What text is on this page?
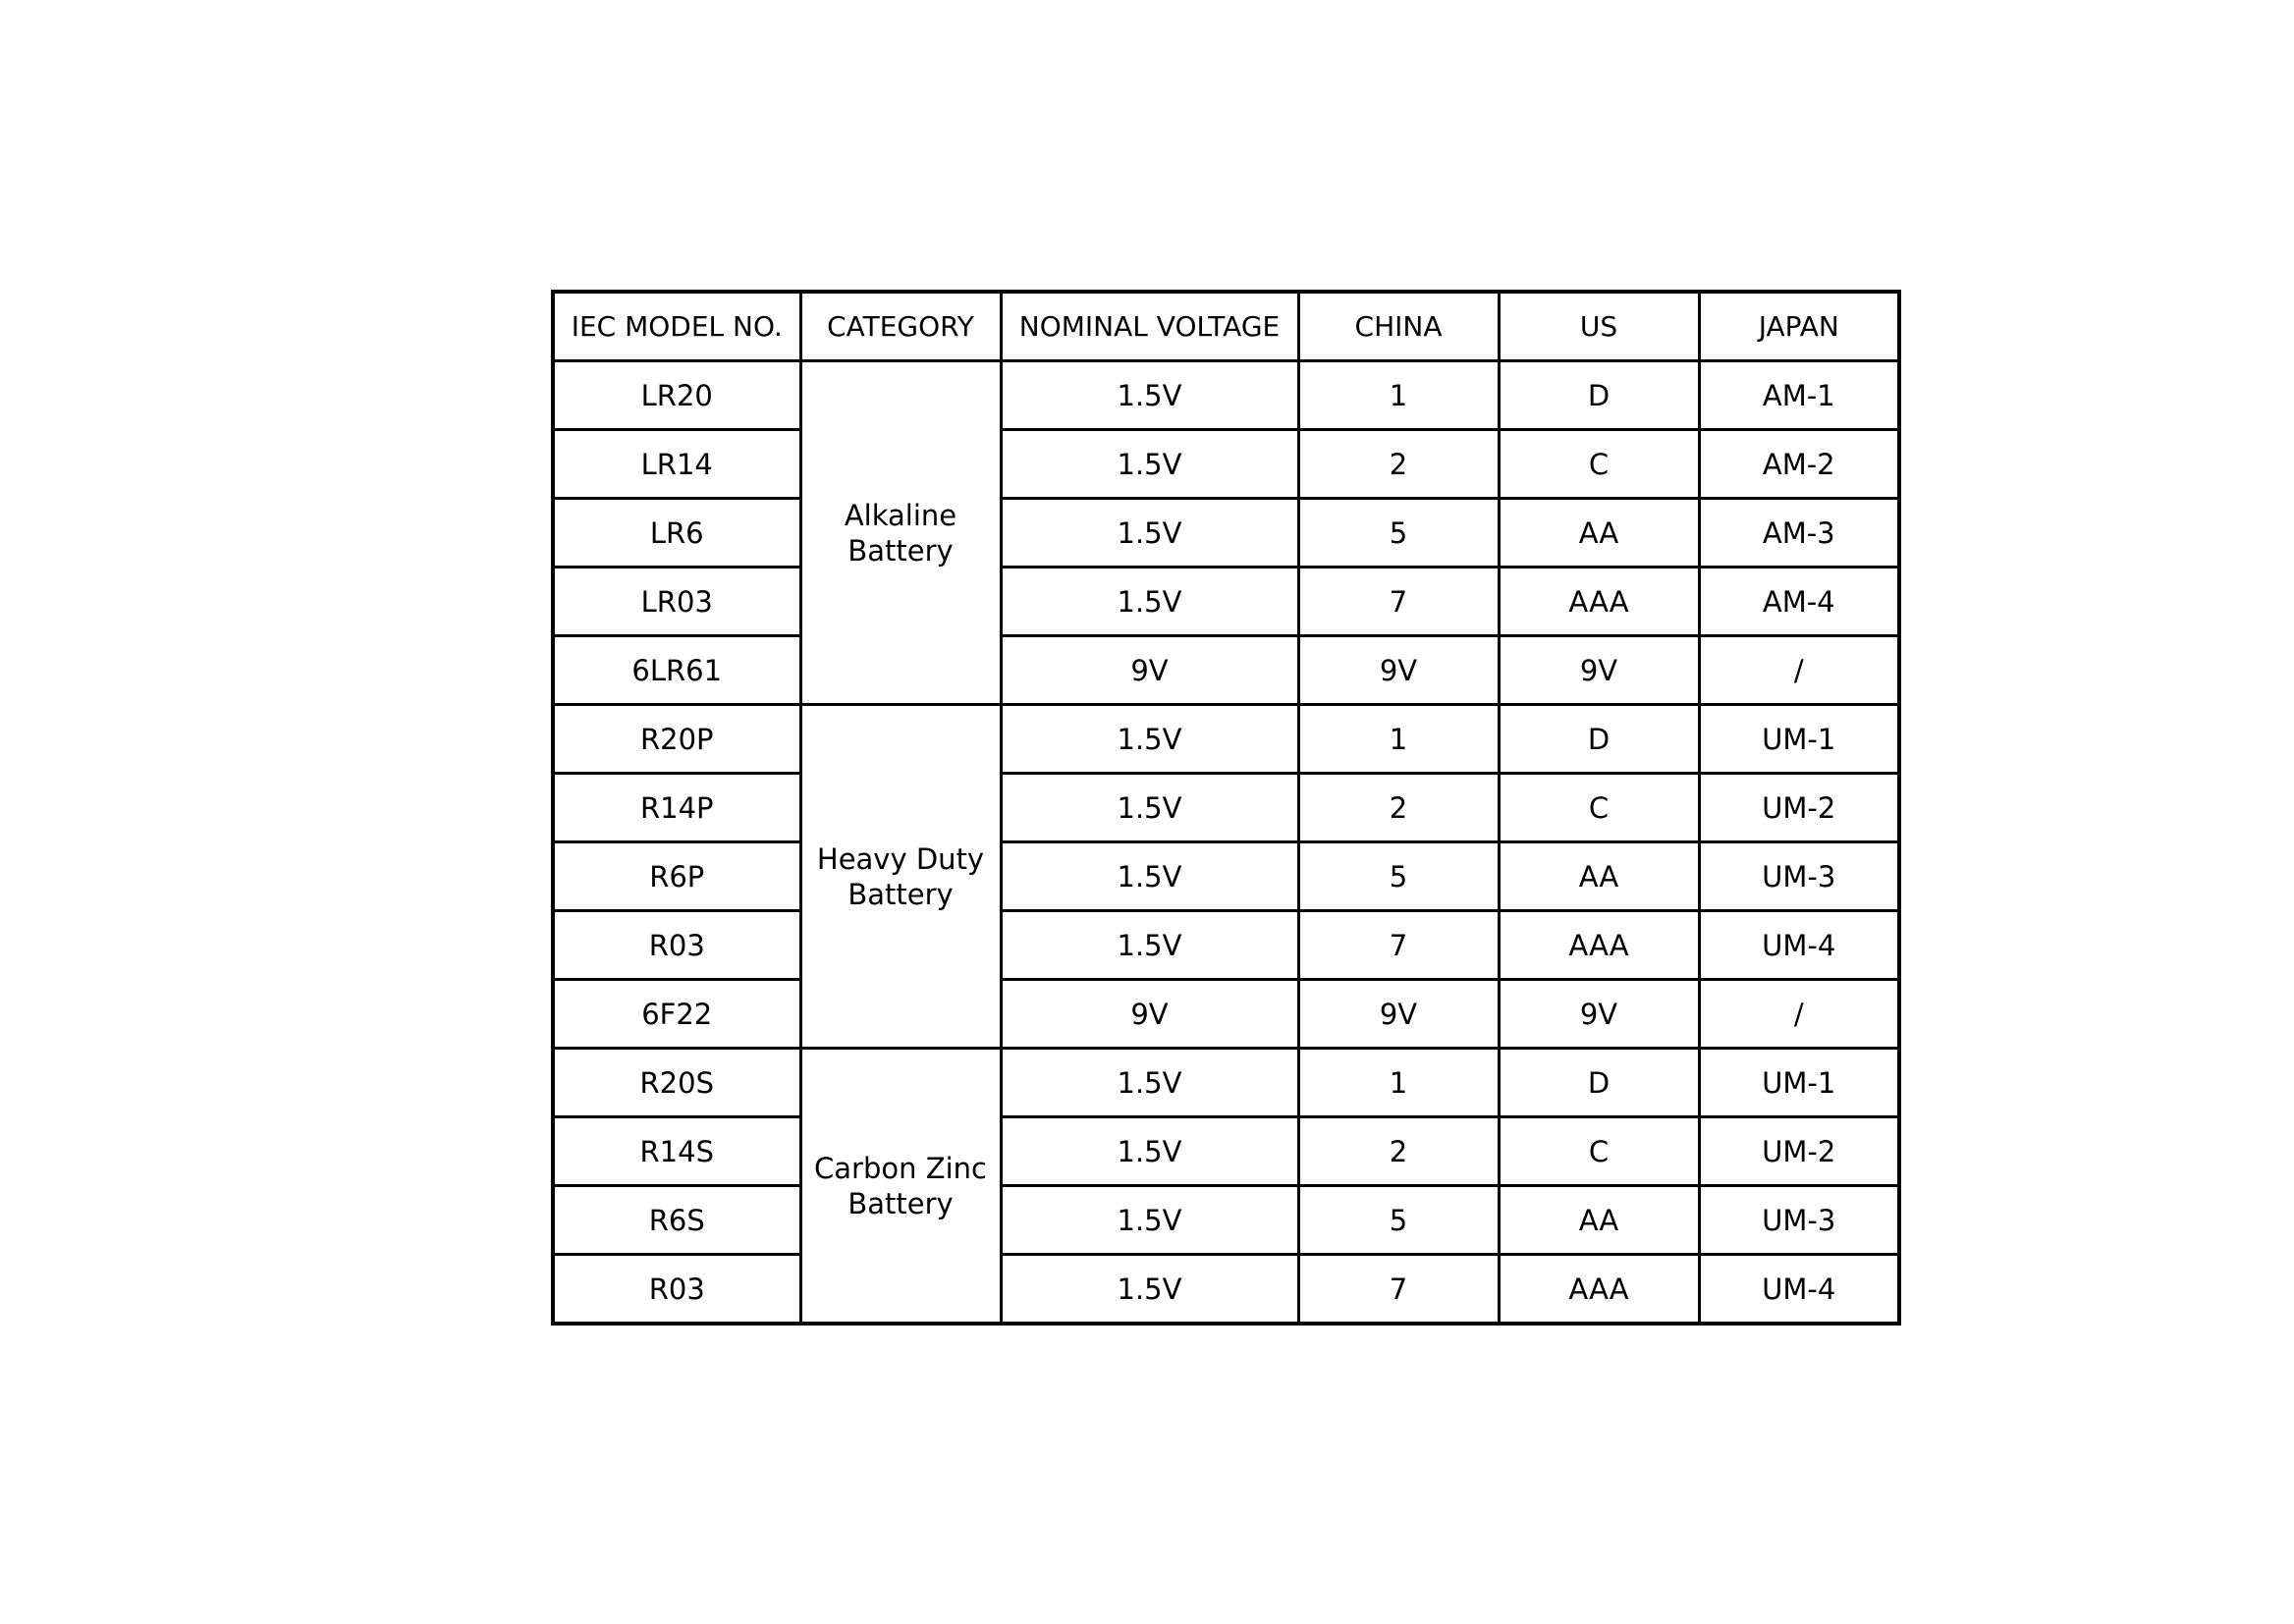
IEC MODEL NO.	CATEGORY	NOMINAL VOLTAGE	CHINA	US	JAPAN
LR20	Alkaline Battery	1.5V	1	D	AM-1
LR14		1.5V	2	C	AM-2
LR6		1.5V	5	AA	AM-3
LR03		1.5V	7	AAA	AM-4
6LR61		9V	9V	9V	/
R20P	Heavy Duty Battery	1.5V	1	D	UM-1
R14P		1.5V	2	C	UM-2
R6P		1.5V	5	AA	UM-3
R03		1.5V	7	AAA	UM-4
6F22		9V	9V	9V	/
R20S	Carbon Zinc Battery	1.5V	1	D	UM-1
R14S		1.5V	2	C	UM-2
R6S		1.5V	5	AA	UM-3
R03		1.5V	7	AAA	UM-4
